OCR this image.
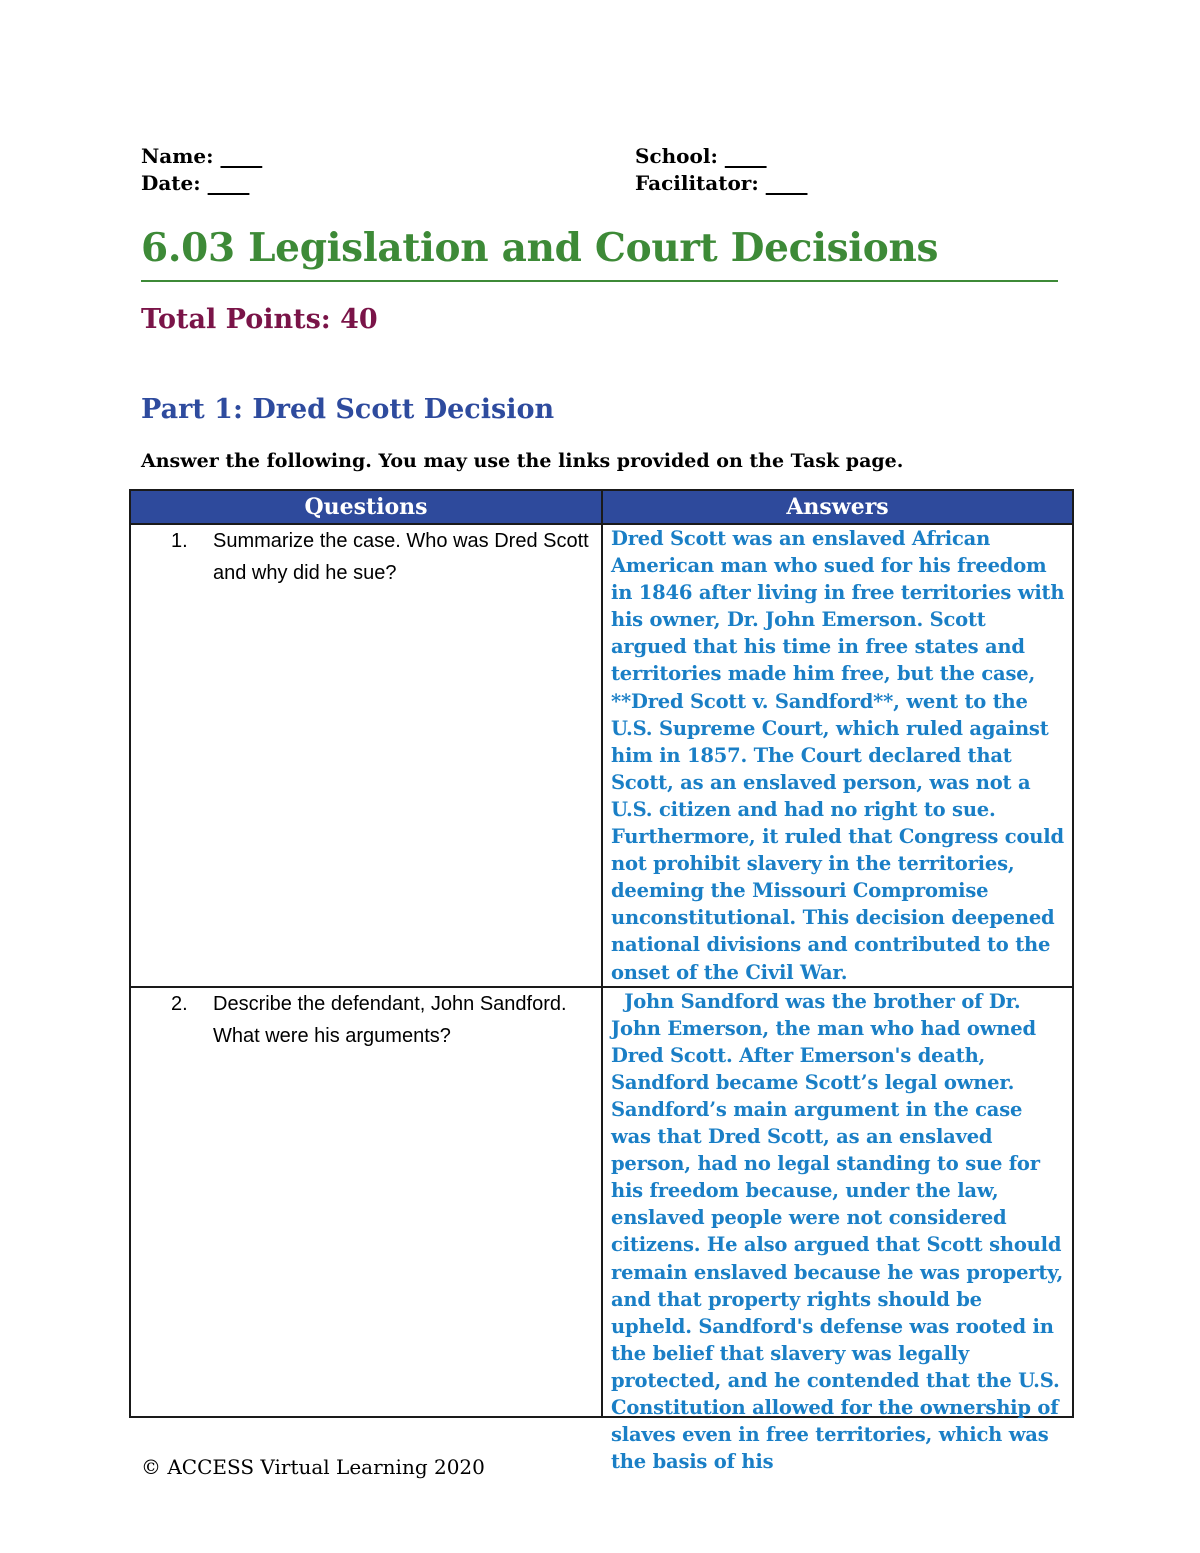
Name:
Date:
School:
Facilitator:
6.03 Legislation and Court Decisions
Total Points: 40
Part 1: Dred Scott Decision
Answer the following. You may use the links provided on the Task page.
Questions	Answers

1. Summarize the case. Who was Dred Scott and why did he sue?	Dred Scott was an enslaved African American man who sued for his freedom in 1846 after living in free territories with his owner, Dr. John Emerson. Scott argued that his time in free states and territories made him free, but the case, **Dred Scott v. Sandford**, went to the U.S. Supreme Court, which ruled against him in 1857. The Court declared that Scott, as an enslaved person, was not a U.S. citizen and had no right to sue. Furthermore, it ruled that Congress could not prohibit slavery in the territories, deeming the Missouri Compromise unconstitutional. This decision deepened national divisions and contributed to the onset of the Civil War.

2. Describe the defendant, John Sandford. What were his arguments?	John Sandford was the brother of Dr. John Emerson, the man who had owned Dred Scott. After Emerson's death, Sandford became Scott’s legal owner. Sandford’s main argument in the case was that Dred Scott, as an enslaved person, had no legal standing to sue for his freedom because, under the law, enslaved people were not considered citizens. He also argued that Scott should remain enslaved because he was property, and that property rights should be upheld. Sandford's defense was rooted in the belief that slavery was legally protected, and he contended that the U.S. Constitution allowed for the ownership of slaves even in free territories, which was the basis of his
© ACCESS Virtual Learning 2020
